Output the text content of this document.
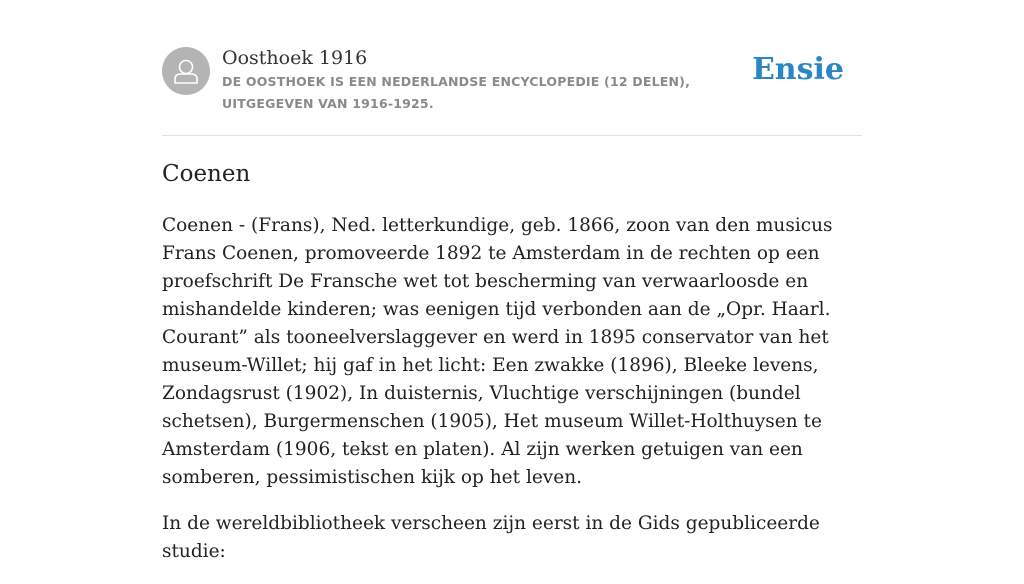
Oosthoek 1916
DE OOSTHOEK IS EEN NEDERLANDSE ENCYCLOPEDIE (12 DELEN), UITGEGEVEN VAN 1916-1925.
Ensie
Coenen

Coenen - (Frans), Ned. letterkundige, geb. 1866, zoon van den musicus Frans Coenen, promoveerde 1892 te Amsterdam in de rechten op een proefschrift De Fransche wet tot bescherming van verwaarloosde en mishandelde kinderen; was eenigen tijd verbonden aan de „Opr. Haarl. Courant” als tooneelverslaggever en werd in 1895 conservator van het museum-Willet; hij gaf in het licht: Een zwakke (1896), Bleeke levens, Zondagsrust (1902), In duisternis, Vluchtige verschijningen (bundel schetsen), Burgermenschen (1905), Het museum Willet-Holthuysen te Amsterdam (1906, tekst en platen). Al zijn werken getuigen van een somberen, pessimistischen kijk op het leven.

In de wereldbibliotheek verscheen zijn eerst in de Gids gepubliceerde studie:
